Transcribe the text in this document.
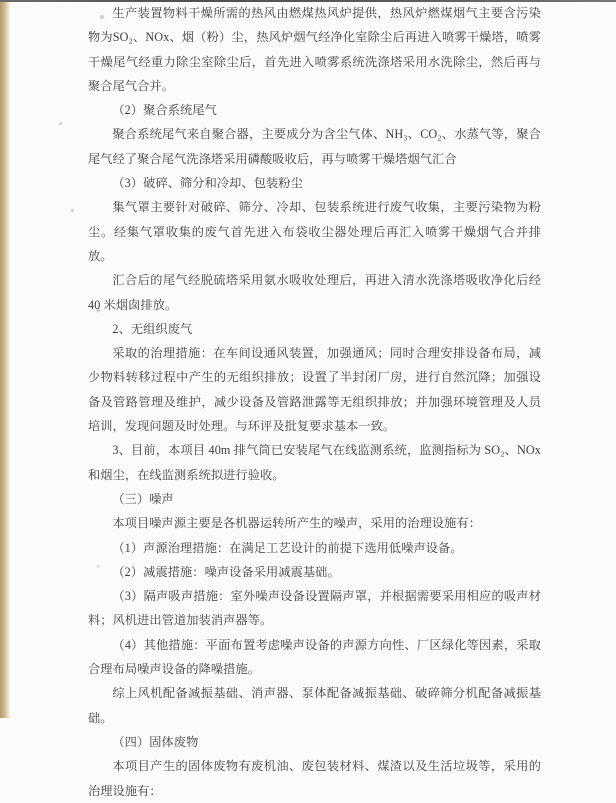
生产装置物料干燥所需的热风由燃煤热风炉提供，热风炉燃煤烟气主要含污染物为SO₂、NOx、烟（粉）尘，热风炉烟气经净化室除尘后再进入喷雾干燥塔，喷雾干燥尾气经重力除尘室除尘后，首先进入喷雾系统洗涤塔采用水洗除尘，然后再与聚合尾气合并。

（2）聚合系统尾气

聚合系统尾气来自聚合器，主要成分为含尘气体、NH₃、CO₂、水蒸气等，聚合尾气经了聚合尾气洗涤塔采用磷酸吸收后，再与喷雾干燥塔烟气汇合

（3）破碎、筛分和冷却、包装粉尘

集气罩主要针对破碎、筛分、冷却、包装系统进行废气收集，主要污染物为粉尘。经集气罩收集的废气首先进入布袋收尘器处理后再汇入喷雾干燥烟气合并排放。

汇合后的尾气经脱硫塔采用氨水吸收处理后，再进入清水洗涤塔吸收净化后经 40 米烟囱排放。

2、无组织废气

采取的治理措施：在车间设通风装置，加强通风；同时合理安排设备布局，减少物料转移过程中产生的无组织排放；设置了半封闭厂房，进行自然沉降；加强设备及管路管理及维护，减少设备及管路泄露等无组织排放；并加强环境管理及人员培训，发现问题及时处理。与环评及批复要求基本一致。

3、目前，本项目 40m 排气筒已安装尾气在线监测系统，监测指标为 SO₂、NOx 和烟尘，在线监测系统拟进行验收。

（三）噪声

本项目噪声源主要是各机器运转所产生的噪声，采用的治理设施有：

（1）声源治理措施：在满足工艺设计的前提下选用低噪声设备。

（2）减震措施：噪声设备采用减震基础。

（3）隔声吸声措施：室外噪声设备设置隔声罩，并根据需要采用相应的吸声材料；风机进出管道加装消声器等。

（4）其他措施：平面布置考虑噪声设备的声源方向性、厂区绿化等因素，采取合理布局噪声设备的降噪措施。

综上风机配备减振基础、消声器、泵体配备减振基础、破碎筛分机配备减振基础。

（四）固体废物

本项目产生的固体废物有废机油、废包装材料、煤渣以及生活垃圾等，采用的治理设施有：
